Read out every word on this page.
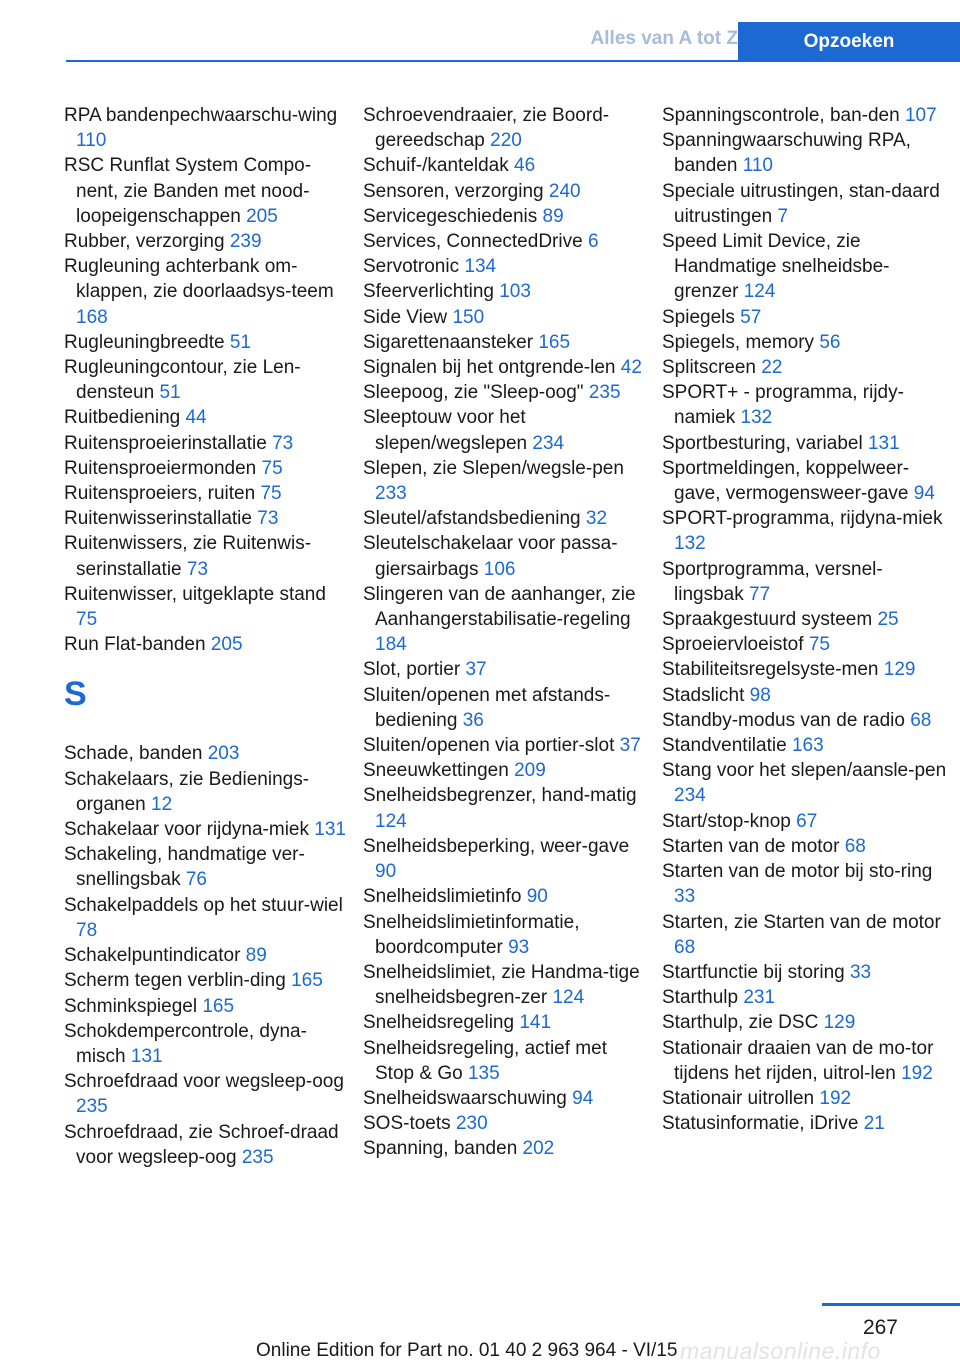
Alles van A tot Z	Opzoeken

RPA bandenpechwaarschu-wing 110

RSC Runflat System Compo-nent, zie Banden met nood-loopeigenschappen 205

Rubber, verzorging 239

Rugleuning achterbank om-klappen, zie doorlaadsys-teem 168

Rugleuningbreedte 51

Rugleuningcontour, zie Len-densteun 51

Ruitbediening 44

Ruitensproeierinstallatie 73

Ruitensproeiermonden 75

Ruitensproeiers, ruiten 75

Ruitenwisserinstallatie 73

Ruitenwissers, zie Ruitenwis-serinstallatie 73

Ruitenwisser, uitgeklapte stand 75

Run Flat-banden 205

S

Schade, banden 203

Schakelaars, zie Bedienings-organen 12

Schakelaar voor rijdyna-miek 131

Schakeling, handmatige ver-snellingsbak 76

Schakelpaddels op het stuur-wiel 78

Schakelpuntindicator 89

Scherm tegen verblin-ding 165

Schminkspiegel 165

Schokdempercontrole, dyna-misch 131

Schroefdraad voor wegsleep-oog 235

Schroefdraad, zie Schroef-draad voor wegsleep-oog 235

Schroevendraaier, zie Boord-gereedschap 220

Schuif-/kanteldak 46

Sensoren, verzorging 240

Servicegeschiedenis 89

Services, ConnectedDrive 6

Servotronic 134

Sfeerverlichting 103

Side View 150

Sigarettenaansteker 165

Signalen bij het ontgrende-len 42

Sleepoog, zie "Sleep-oog" 235

Sleeptouw voor het slepen/wegslepen 234

Slepen, zie Slepen/wegsle-pen 233

Sleutel/afstandsbediening 32

Sleutelschakelaar voor passa-giersairbags 106

Slingeren van de aanhanger, zie Aanhangerstabilisatie-regeling 184

Slot, portier 37

Sluiten/openen met afstands-bediening 36

Sluiten/openen via portier-slot 37

Sneeuwkettingen 209

Snelheidsbegrenzer, hand-matig 124

Snelheidsbeperking, weer-gave 90

Snelheidslimietinfo 90

Snelheidslimietinformatie, boordcomputer 93

Snelheidslimiet, zie Handma-tige snelheidsbegren-zer 124

Snelheidsregeling 141

Snelheidsregeling, actief met Stop & Go 135

Snelheidswaarschuwing 94

SOS-toets 230

Spanning, banden 202

Spanningscontrole, ban-den 107

Spanningwaarschuwing RPA, banden 110

Speciale uitrustingen, stan-daard uitrustingen 7

Speed Limit Device, zie Handmatige snelheidsbe-grenzer 124

Spiegels 57

Spiegels, memory 56

Splitscreen 22

SPORT+ - programma, rijdy-namiek 132

Sportbesturing, variabel 131

Sportmeldingen, koppelweer-gave, vermogensweer-gave 94

SPORT-programma, rijdyna-miek 132

Sportprogramma, versnel-lingsbak 77

Spraakgestuurd systeem 25

Sproeiervloeistof 75

Stabiliteitsregelsyste-men 129

Stadslicht 98

Standby-modus van de radio 68

Standventilatie 163

Stang voor het slepen/aansle-pen 234

Start/stop-knop 67

Starten van de motor 68

Starten van de motor bij sto-ring 33

Starten, zie Starten van de motor 68

Startfunctie bij storing 33

Starthulp 231

Starthulp, zie DSC 129

Stationair draaien van de mo-tor tijdens het rijden, uitrol-len 192

Stationair uitrollen 192

Statusinformatie, iDrive 21

267
Online Edition for Part no. 01 40 2 963 964 - VI/15 manualsonline.info
